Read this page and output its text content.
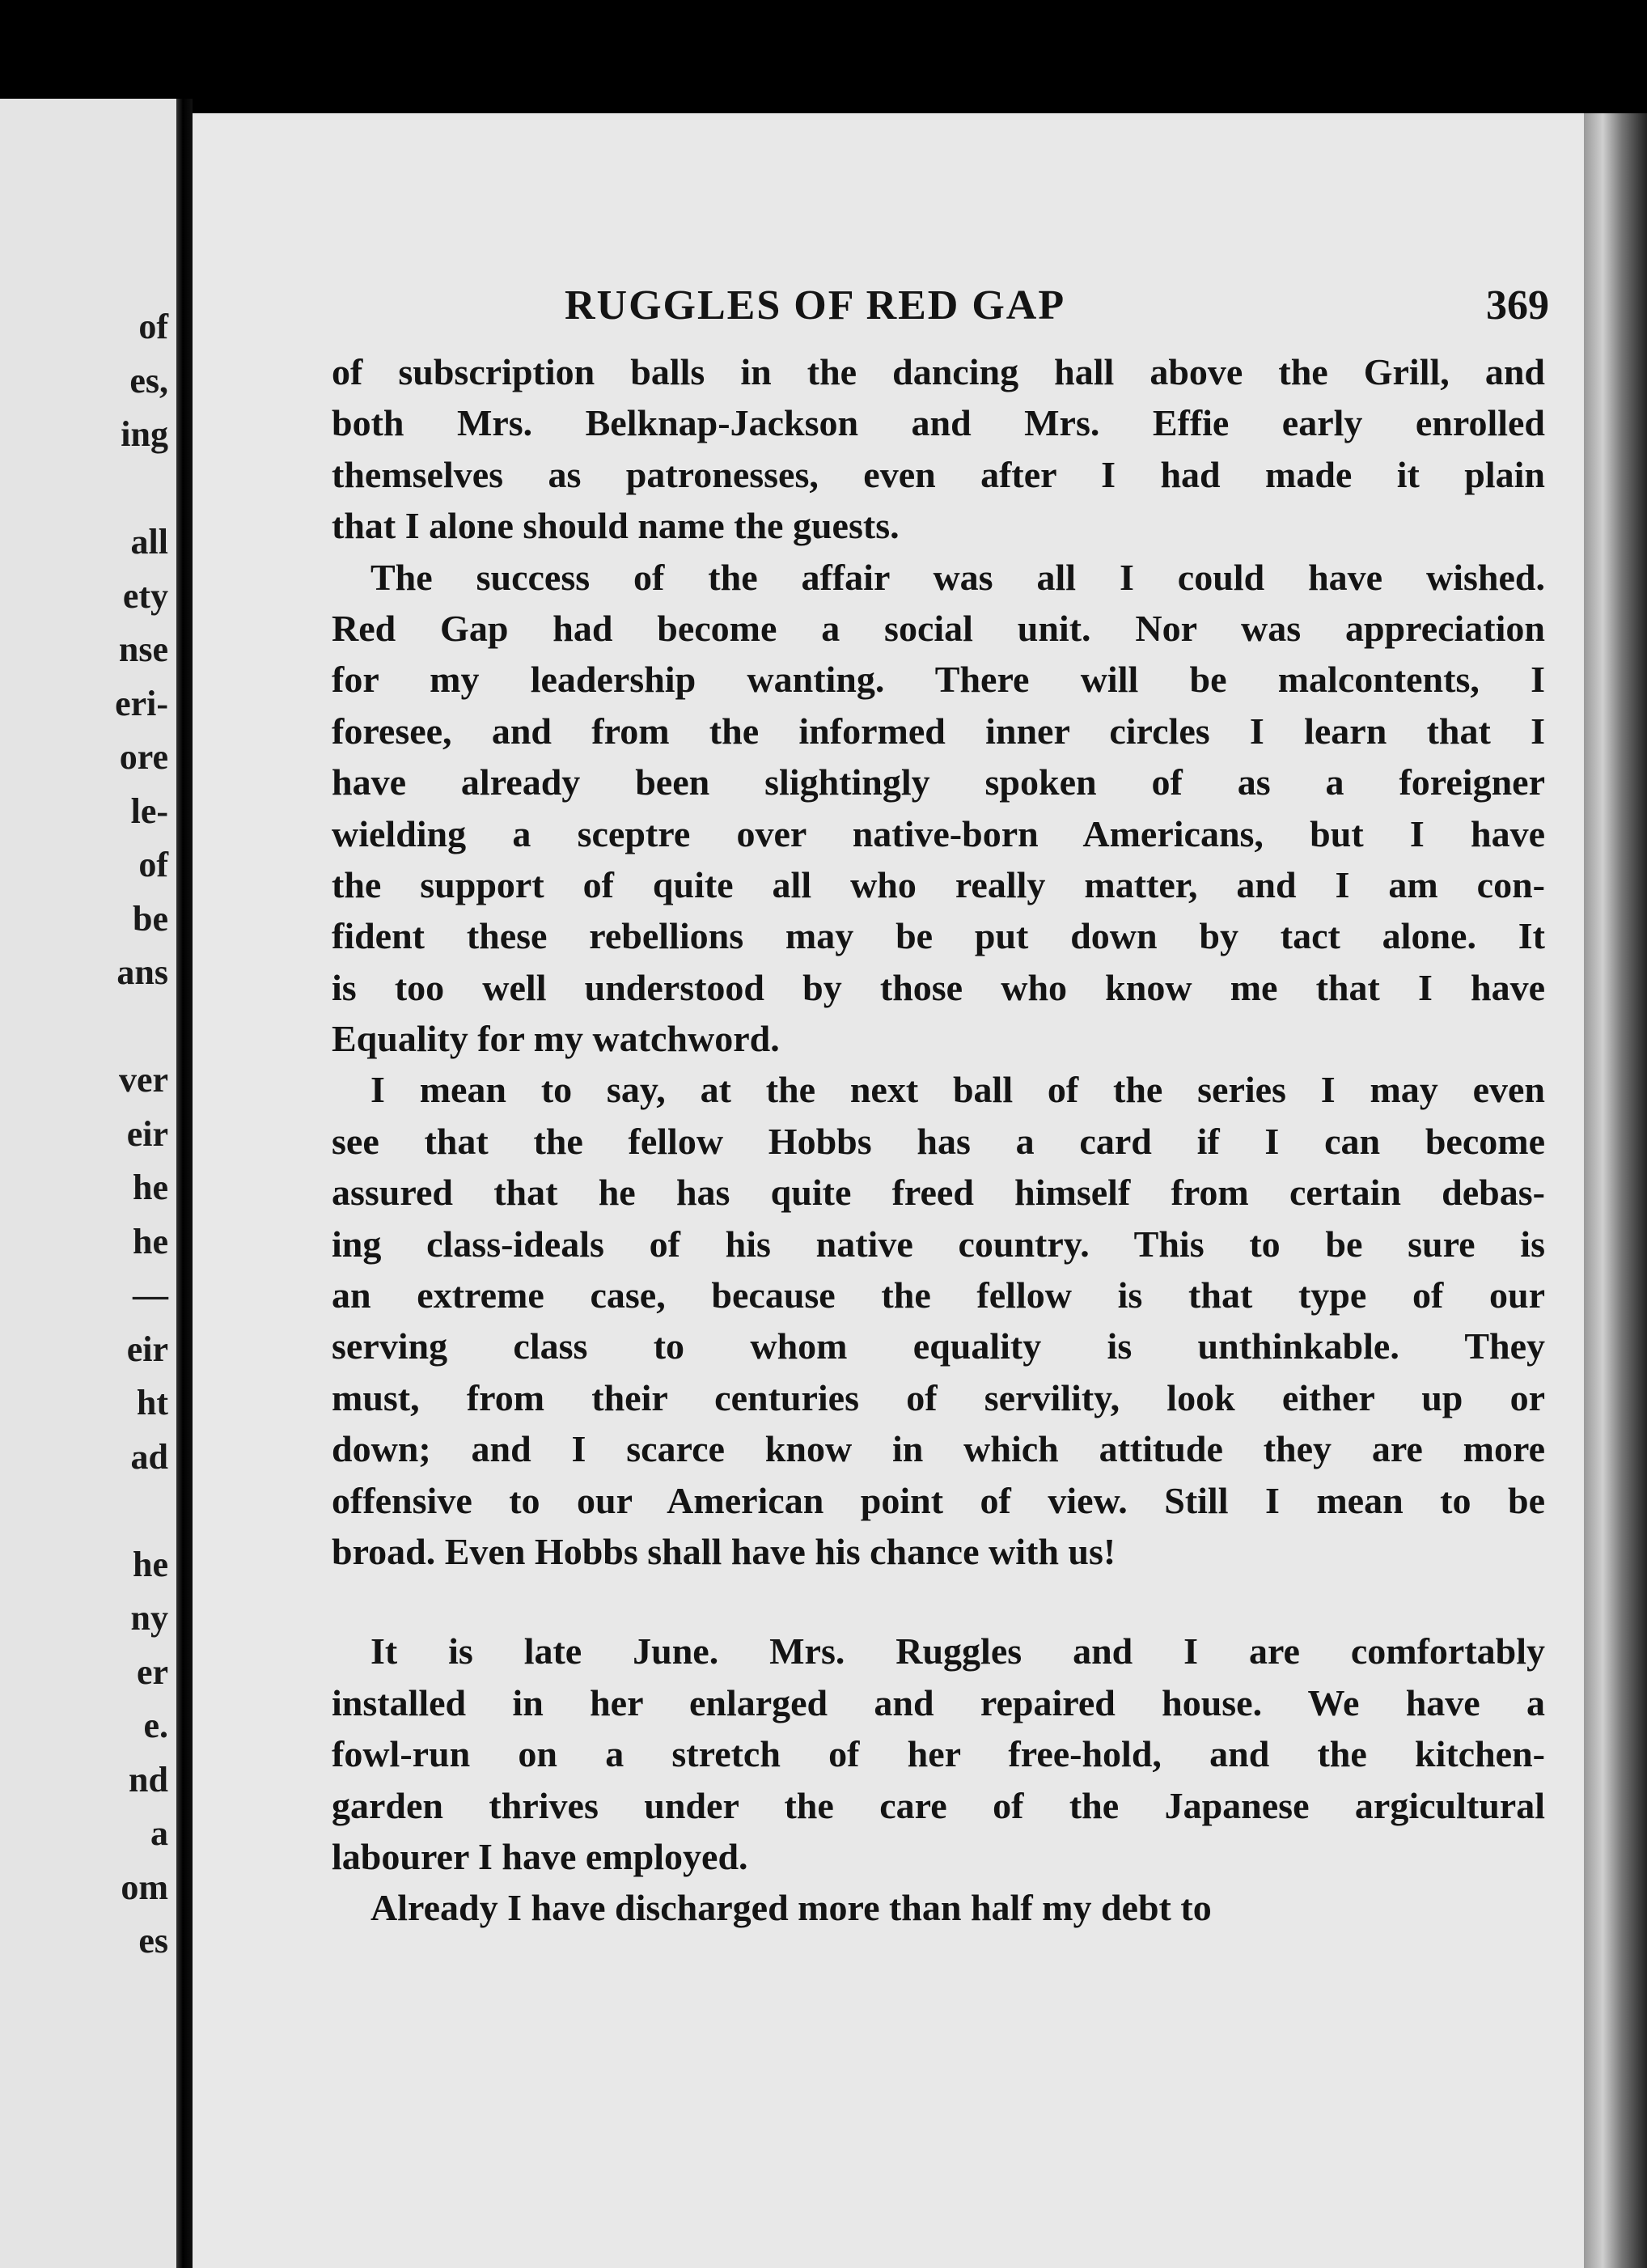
of
es,
ing
all
ety
nse
eri-
ore
le-
of
be
ans
ver
eir
he
he
—
eir
ht
ad
he
ny
er
e.
nd
a
om
es
RUGGLES OF RED GAP	369
of subscription balls in the dancing hall above the Grill, and
both Mrs. Belknap-Jackson and Mrs. Effie early enrolled
themselves as patronesses, even after I had made it plain
that I alone should name the guests.
The success of the affair was all I could have wished.
Red Gap had become a social unit. Nor was appreciation
for my leadership wanting. There will be malcontents, I
foresee, and from the informed inner circles I learn that I
have already been slightingly spoken of as a foreigner
wielding a sceptre over native-born Americans, but I have
the support of quite all who really matter, and I am con-
fident these rebellions may be put down by tact alone. It
is too well understood by those who know me that I have
Equality for my watchword.
I mean to say, at the next ball of the series I may even
see that the fellow Hobbs has a card if I can become
assured that he has quite freed himself from certain debas-
ing class-ideals of his native country. This to be sure is
an extreme case, because the fellow is that type of our
serving class to whom equality is unthinkable. They
must, from their centuries of servility, look either up or
down; and I scarce know in which attitude they are more
offensive to our American point of view. Still I mean to be
broad. Even Hobbs shall have his chance with us!
It is late June. Mrs. Ruggles and I are comfortably
installed in her enlarged and repaired house. We have a
fowl-run on a stretch of her free-hold, and the kitchen-
garden thrives under the care of the Japanese argicultural
labourer I have employed.
Already I have discharged more than half my debt to
